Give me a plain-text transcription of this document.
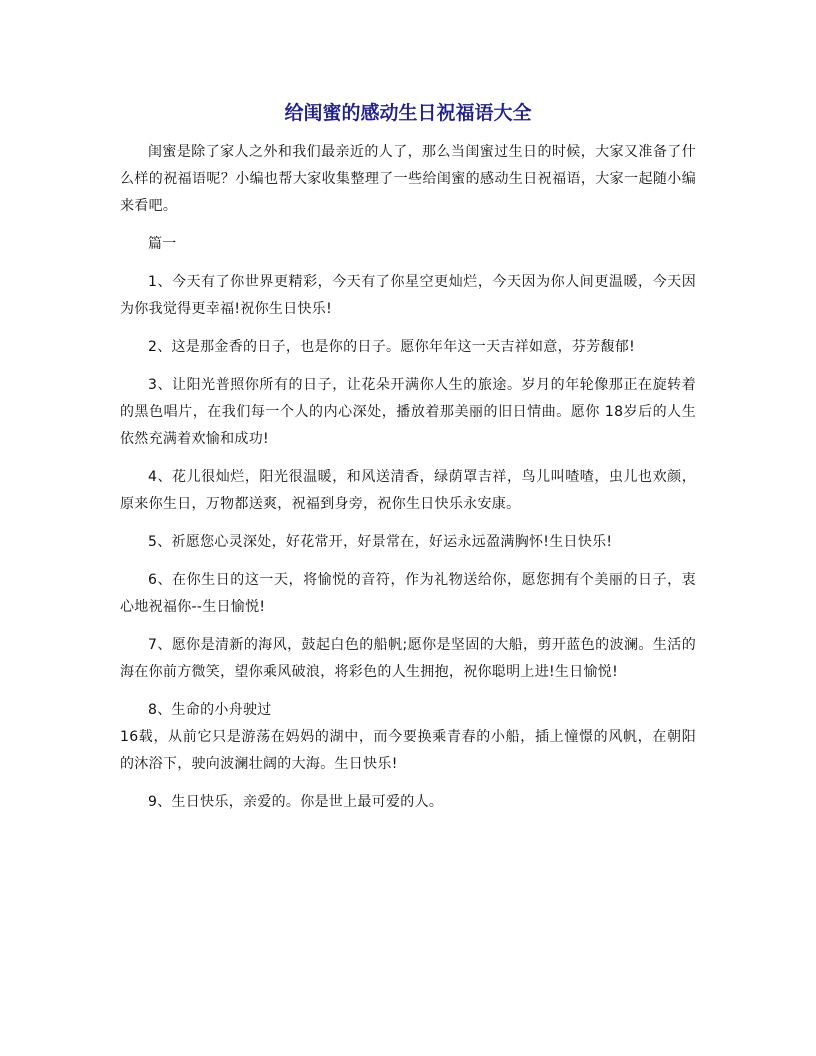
给闺蜜的感动生日祝福语大全

闺蜜是除了家人之外和我们最亲近的人了，那么当闺蜜过生日的时候，大家又准备了什么样的祝福语呢？小编也帮大家收集整理了一些给闺蜜的感动生日祝福语，大家一起随小编来看吧。

篇一

1、今天有了你世界更精彩，今天有了你星空更灿烂，今天因为你人间更温暖，今天因为你我觉得更幸福!祝你生日快乐!

2、这是那金香的日子，也是你的日子。愿你年年这一天吉祥如意，芬芳馥郁!

3、让阳光普照你所有的日子，让花朵开满你人生的旅途。岁月的年轮像那正在旋转着的黑色唱片，在我们每一个人的内心深处，播放着那美丽的旧日情曲。愿你 18岁后的人生依然充满着欢愉和成功!

4、花儿很灿烂，阳光很温暖，和风送清香，绿荫罩吉祥，鸟儿叫喳喳，虫儿也欢颜，原来你生日，万物都送爽，祝福到身旁，祝你生日快乐永安康。

5、祈愿您心灵深处，好花常开，好景常在，好运永远盈满胸怀!生日快乐!

6、在你生日的这一天，将愉悦的音符，作为礼物送给你，愿您拥有个美丽的日子，衷心地祝福你--生日愉悦!

7、愿你是清新的海风，鼓起白色的船帆;愿你是坚固的大船，剪开蓝色的波澜。生活的海在你前方微笑，望你乘风破浪，将彩色的人生拥抱，祝你聪明上进!生日愉悦!

8、生命的小舟驶过
16载，从前它只是游荡在妈妈的湖中，而今要换乘青春的小船，插上憧憬的风帆，在朝阳的沐浴下，驶向波澜壮阔的大海。生日快乐!

9、生日快乐，亲爱的。你是世上最可爱的人。
